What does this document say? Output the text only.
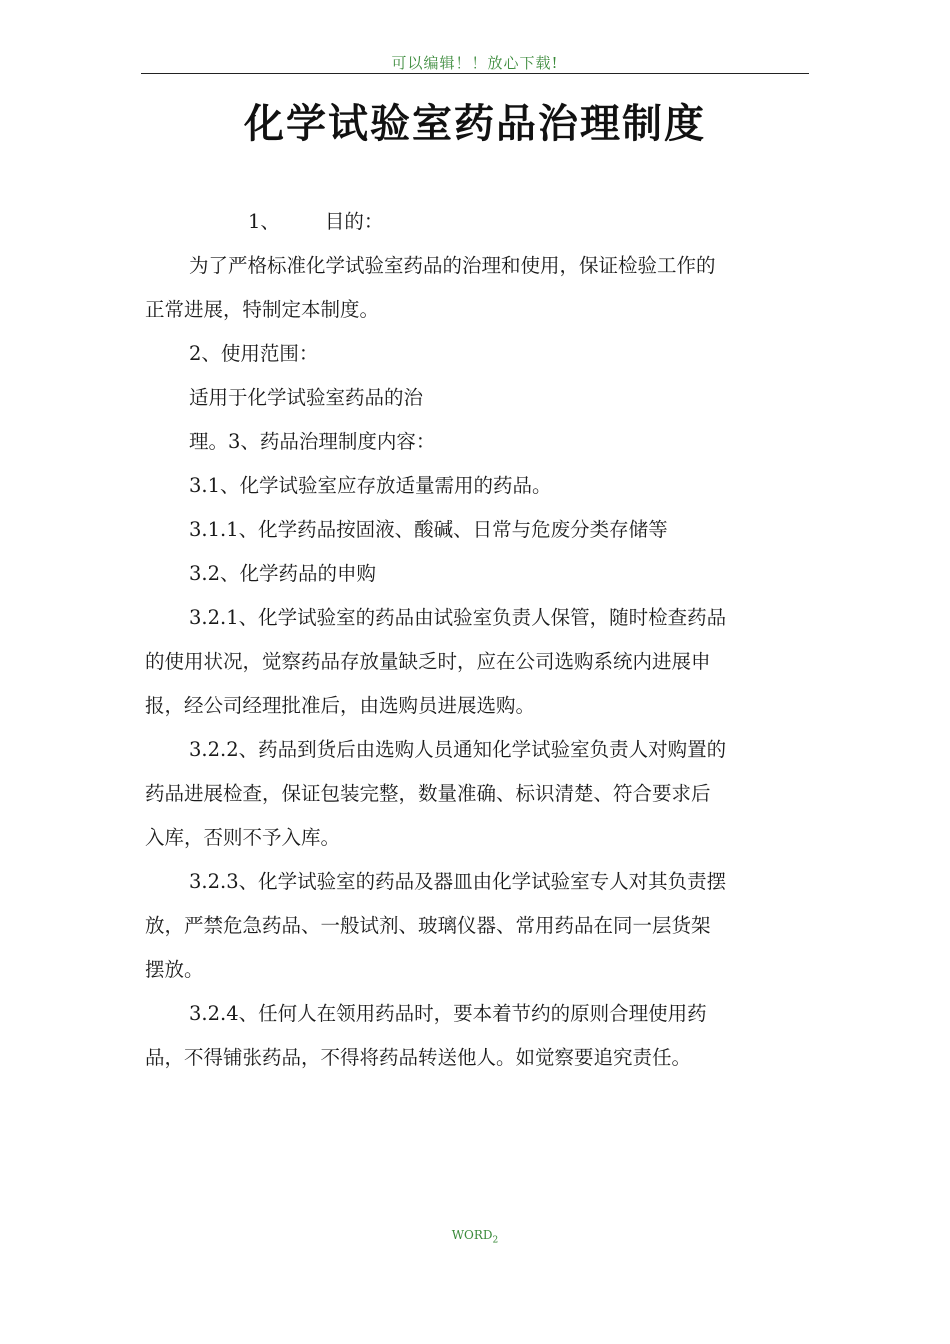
可以编辑！！放心下载!
化学试验室药品治理制度
1、 目的：
为了严格标准化学试验室药品的治理和使用，保证检验工作的
正常进展，特制定本制度。
2、使用范围：
适用于化学试验室药品的治
理。3、药品治理制度内容：
3.1、化学试验室应存放适量需用的药品。
3.1.1、化学药品按固液、酸碱、日常与危废分类存储等
3.2、化学药品的申购
3.2.1、化学试验室的药品由试验室负责人保管，随时检查药品
的使用状况，觉察药品存放量缺乏时，应在公司选购系统内进展申
报，经公司经理批准后，由选购员进展选购。
3.2.2、药品到货后由选购人员通知化学试验室负责人对购置的
药品进展检查，保证包装完整，数量准确、标识清楚、符合要求后
入库，否则不予入库。
3.2.3、化学试验室的药品及器皿由化学试验室专人对其负责摆
放，严禁危急药品、一般试剂、玻璃仪器、常用药品在同一层货架
摆放。
3.2.4、任何人在领用药品时，要本着节约的原则合理使用药
品，不得铺张药品，不得将药品转送他人。如觉察要追究责任。
$WORD_2$
